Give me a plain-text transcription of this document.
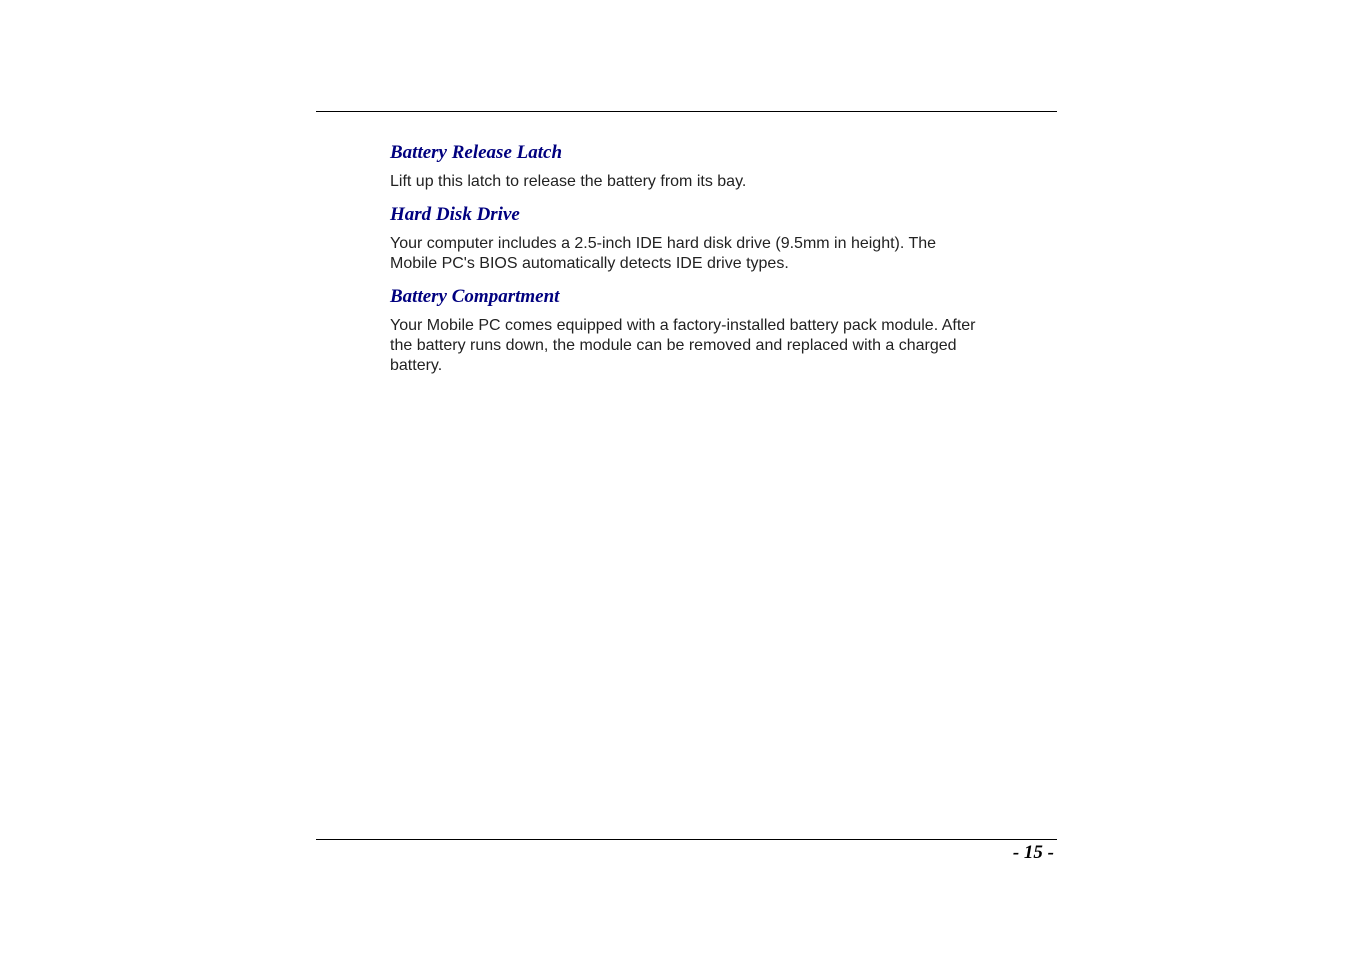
Battery Release Latch

Lift up this latch to release the battery from its bay.

Hard Disk Drive

Your computer includes a 2.5-inch IDE hard disk drive (9.5mm in height). The
Mobile PC's BIOS automatically detects IDE drive types.

Battery Compartment

Your Mobile PC comes equipped with a factory-installed battery pack module. After
the battery runs down, the module can be removed and replaced with a charged
battery.

- 15 -
